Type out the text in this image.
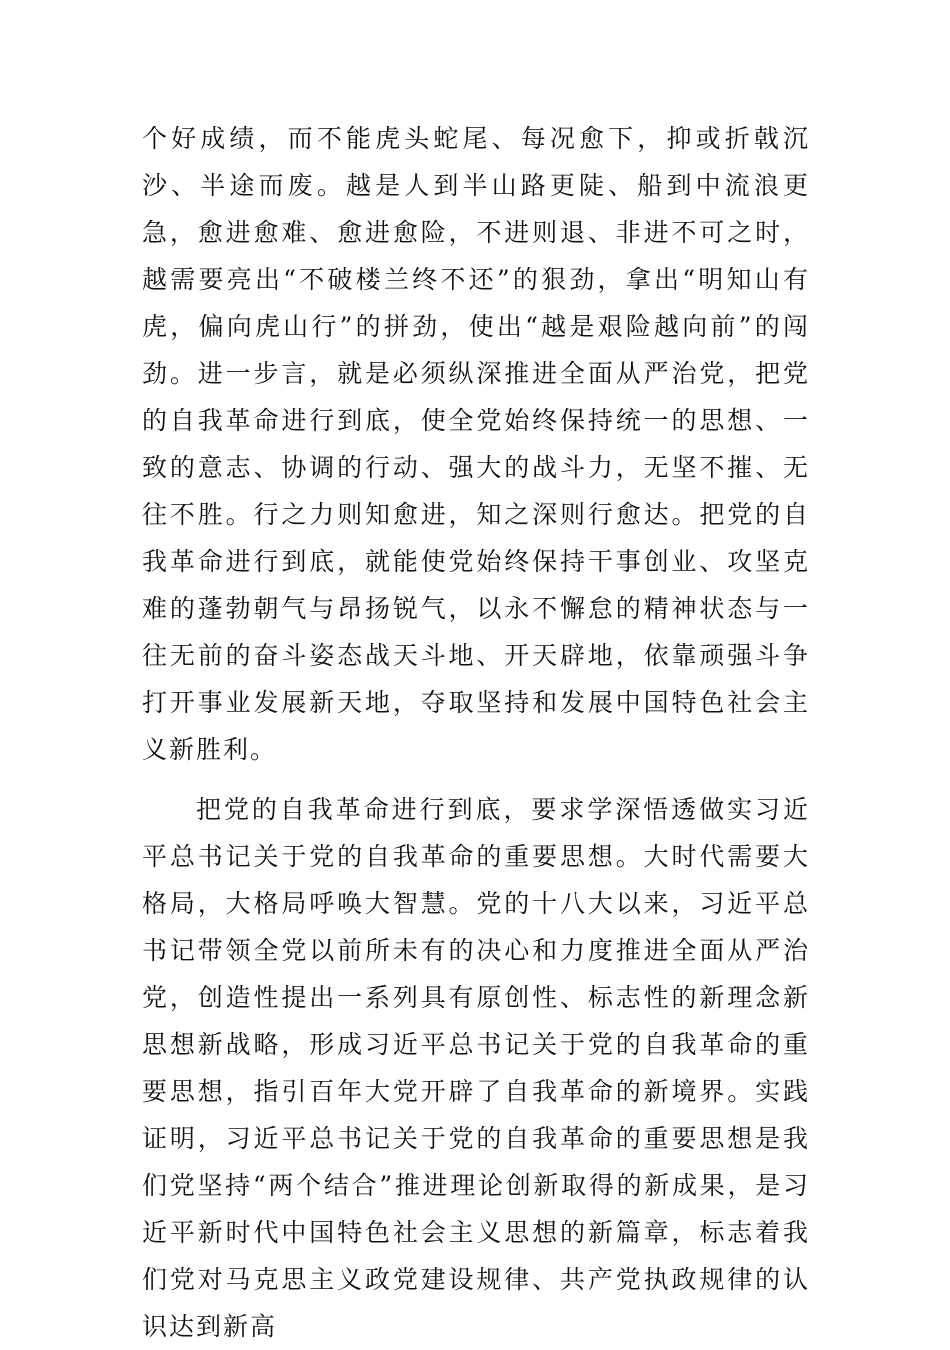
个好成绩，而不能虎头蛇尾、每况愈下，抑或折戟沉沙、半途而废。越是人到半山路更陡、船到中流浪更急，愈进愈难、愈进愈险，不进则退、非进不可之时，越需要亮出“不破楼兰终不还”的狠劲，拿出“明知山有虎，偏向虎山行”的拼劲，使出“越是艰险越向前”的闯劲。进一步言，就是必须纵深推进全面从严治党，把党的自我革命进行到底，使全党始终保持统一的思想、一致的意志、协调的行动、强大的战斗力，无坚不摧、无往不胜。行之力则知愈进，知之深则行愈达。把党的自我革命进行到底，就能使党始终保持干事创业、攻坚克难的蓬勃朝气与昂扬锐气，以永不懈怠的精神状态与一往无前的奋斗姿态战天斗地、开天辟地，依靠顽强斗争打开事业发展新天地，夺取坚持和发展中国特色社会主义新胜利。

把党的自我革命进行到底，要求学深悟透做实习近平总书记关于党的自我革命的重要思想。大时代需要大格局，大格局呼唤大智慧。党的十八大以来，习近平总书记带领全党以前所未有的决心和力度推进全面从严治党，创造性提出一系列具有原创性、标志性的新理念新思想新战略，形成习近平总书记关于党的自我革命的重要思想，指引百年大党开辟了自我革命的新境界。实践证明，习近平总书记关于党的自我革命的重要思想是我们党坚持“两个结合”推进理论创新取得的新成果，是习近平新时代中国特色社会主义思想的新篇章，标志着我们党对马克思主义政党建设规律、共产党执政规律的认识达到新高
